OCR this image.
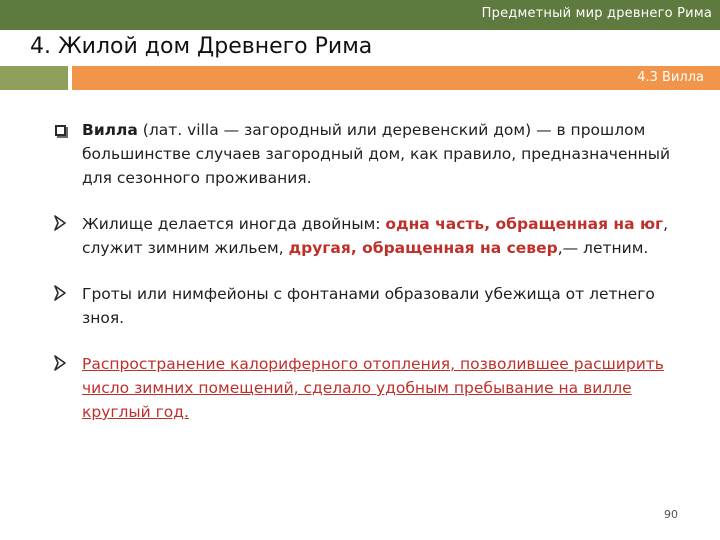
Предметный мир древнего Рима
4. Жилой дом Древнего Рима
4.3 Вилла
Вилла (лат. villa — загородный или деревенский дом) — в прошлом большинстве случаев загородный дом, как правило, предназначенный для сезонного проживания.
Жилище делается иногда двойным: одна часть, обращенная на юг, служит зимним жильем, другая, обращенная на север,— летним.
Гроты или нимфейоны с фонтанами образовали убежища от летнего зноя.
Распространение калориферного отопления, позволившее расширить число зимних помещений, сделало удобным пребывание на вилле круглый год.
90
